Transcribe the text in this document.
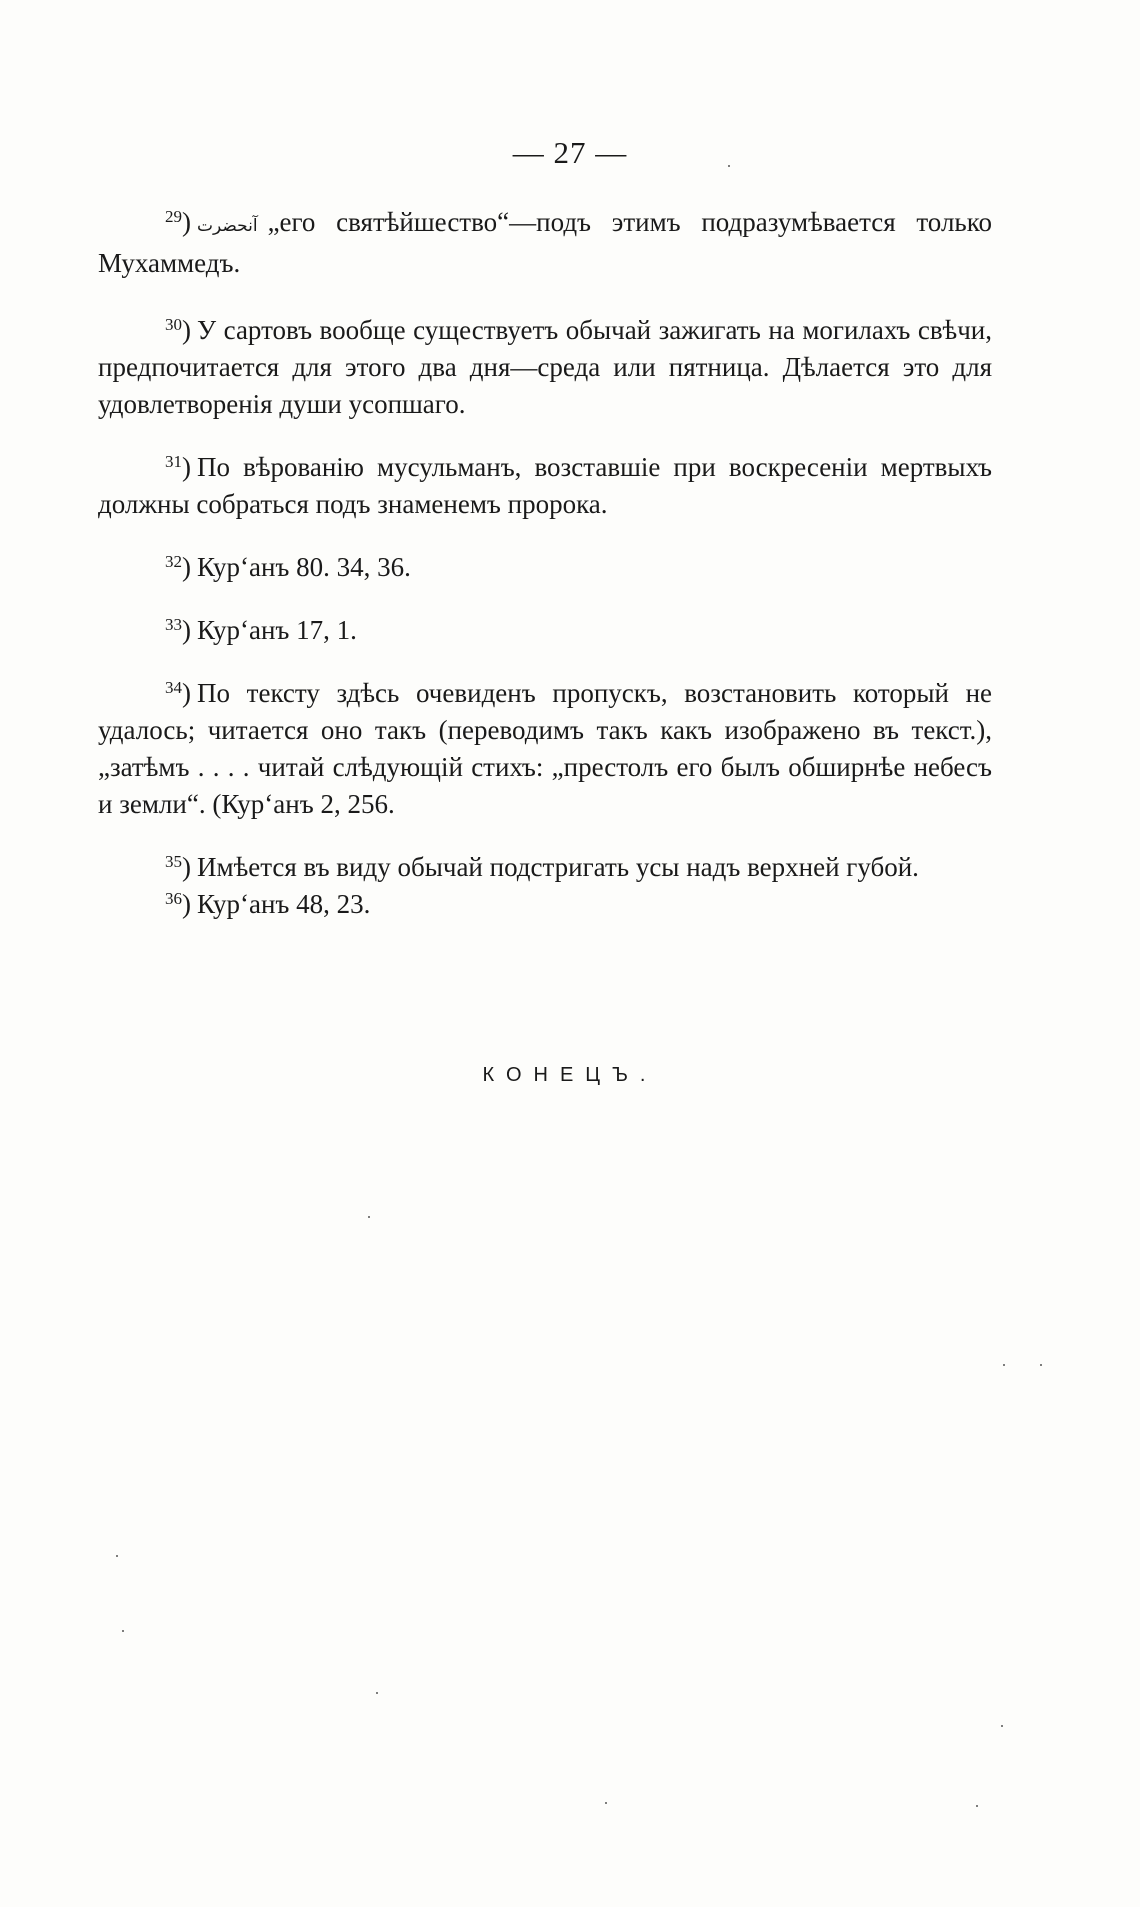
— 27 —

$^{29}$) آنحضرت „его святѣйшество“—подъ этимъ подразумѣвается только Мухаммедъ.

$^{30}$) У сартовъ вообще существуетъ обычай зажигать на могилахъ свѣчи, предпочитается для этого два дня—среда или пятница. Дѣлается это для удовлетворенія души усопшаго.

$^{31}$) По вѣрованію мусульманъ, возставшіе при воскресеніи мертвыхъ должны собраться подъ знаменемъ пророка.

$^{32}$) Кур‘анъ 80. 34, 36.

$^{33}$) Кур‘анъ 17, 1.

$^{34}$) По тексту здѣсь очевиденъ пропускъ, возстановить который не удалось; читается оно такъ (переводимъ такъ какъ изображено въ текст.), „затѣмъ . . . . читай слѣдующій стихъ: „престолъ его былъ обширнѣе небесъ и земли“. (Кур‘анъ 2, 256.

$^{35}$) Имѣется въ виду обычай подстригать усы надъ верхней губой.

$^{36}$) Кур‘анъ 48, 23.

КОНЕЦЪ.
